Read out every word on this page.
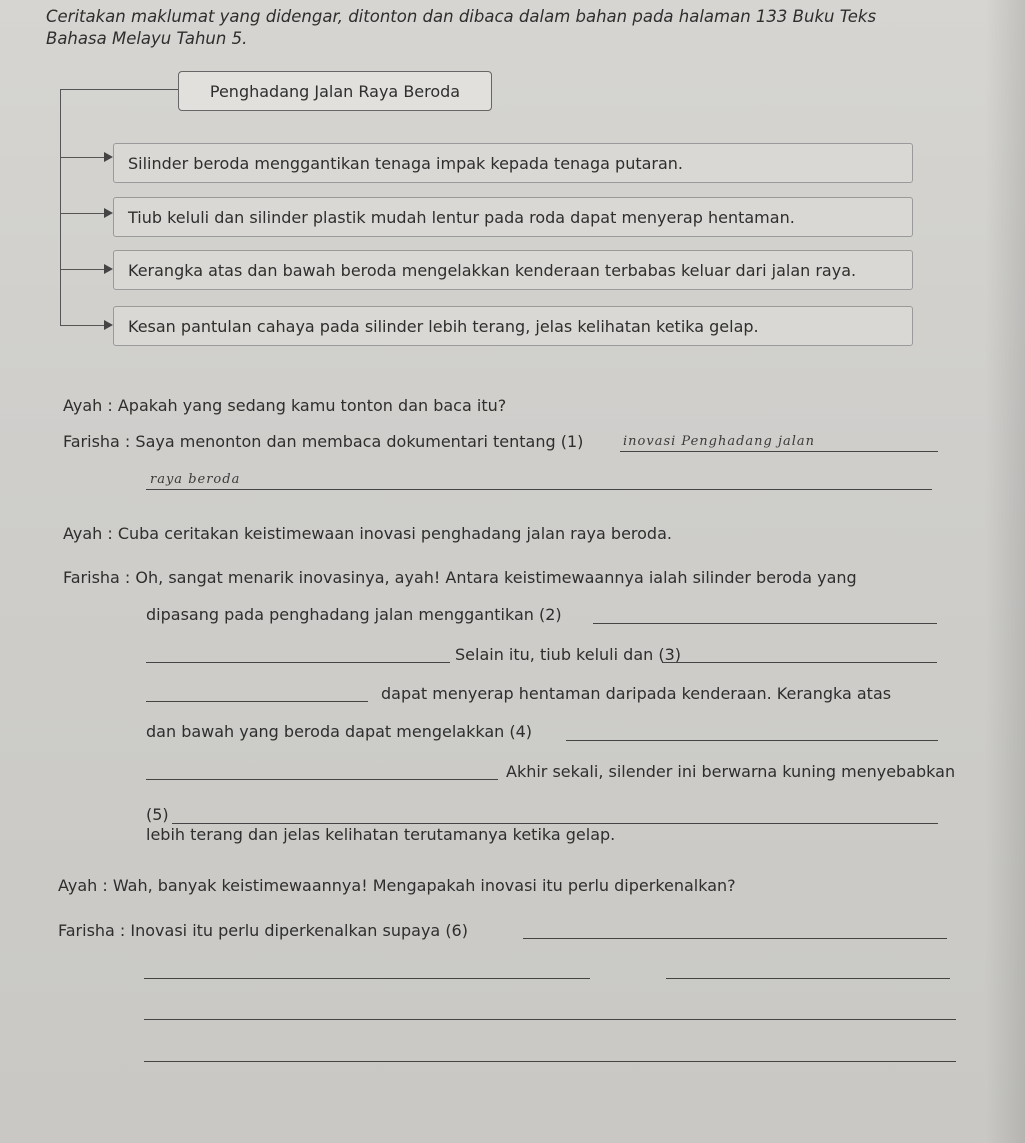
Ceritakan maklumat yang didengar, ditonton dan dibaca dalam bahan pada halaman 133 Buku Teks
Bahasa Melayu Tahun 5.
Penghadang Jalan Raya Beroda
Silinder beroda menggantikan tenaga impak kepada tenaga putaran.
Tiub keluli dan silinder plastik mudah lentur pada roda dapat menyerap hentaman.
Kerangka atas dan bawah beroda mengelakkan kenderaan terbabas keluar dari jalan raya.
Kesan pantulan cahaya pada silinder lebih terang, jelas kelihatan ketika gelap.
Ayah : Apakah yang sedang kamu tonton dan baca itu?
Farisha : Saya menonton dan membaca dokumentari tentang (1)	inovasi Penghadang jalan
raya beroda
Ayah : Cuba ceritakan keistimewaan inovasi penghadang jalan raya beroda.
Farisha : Oh, sangat menarik inovasinya, ayah! Antara keistimewaannya ialah silinder beroda yang
dipasang pada penghadang jalan menggantikan (2)
Selain itu, tiub keluli dan (3)
dapat menyerap hentaman daripada kenderaan. Kerangka atas
dan bawah yang beroda dapat mengelakkan (4)
Akhir sekali, silender ini berwarna kuning menyebabkan
(5)
lebih terang dan jelas kelihatan terutamanya ketika gelap.
Ayah : Wah, banyak keistimewaannya! Mengapakah inovasi itu perlu diperkenalkan?
Farisha : Inovasi itu perlu diperkenalkan supaya (6)
